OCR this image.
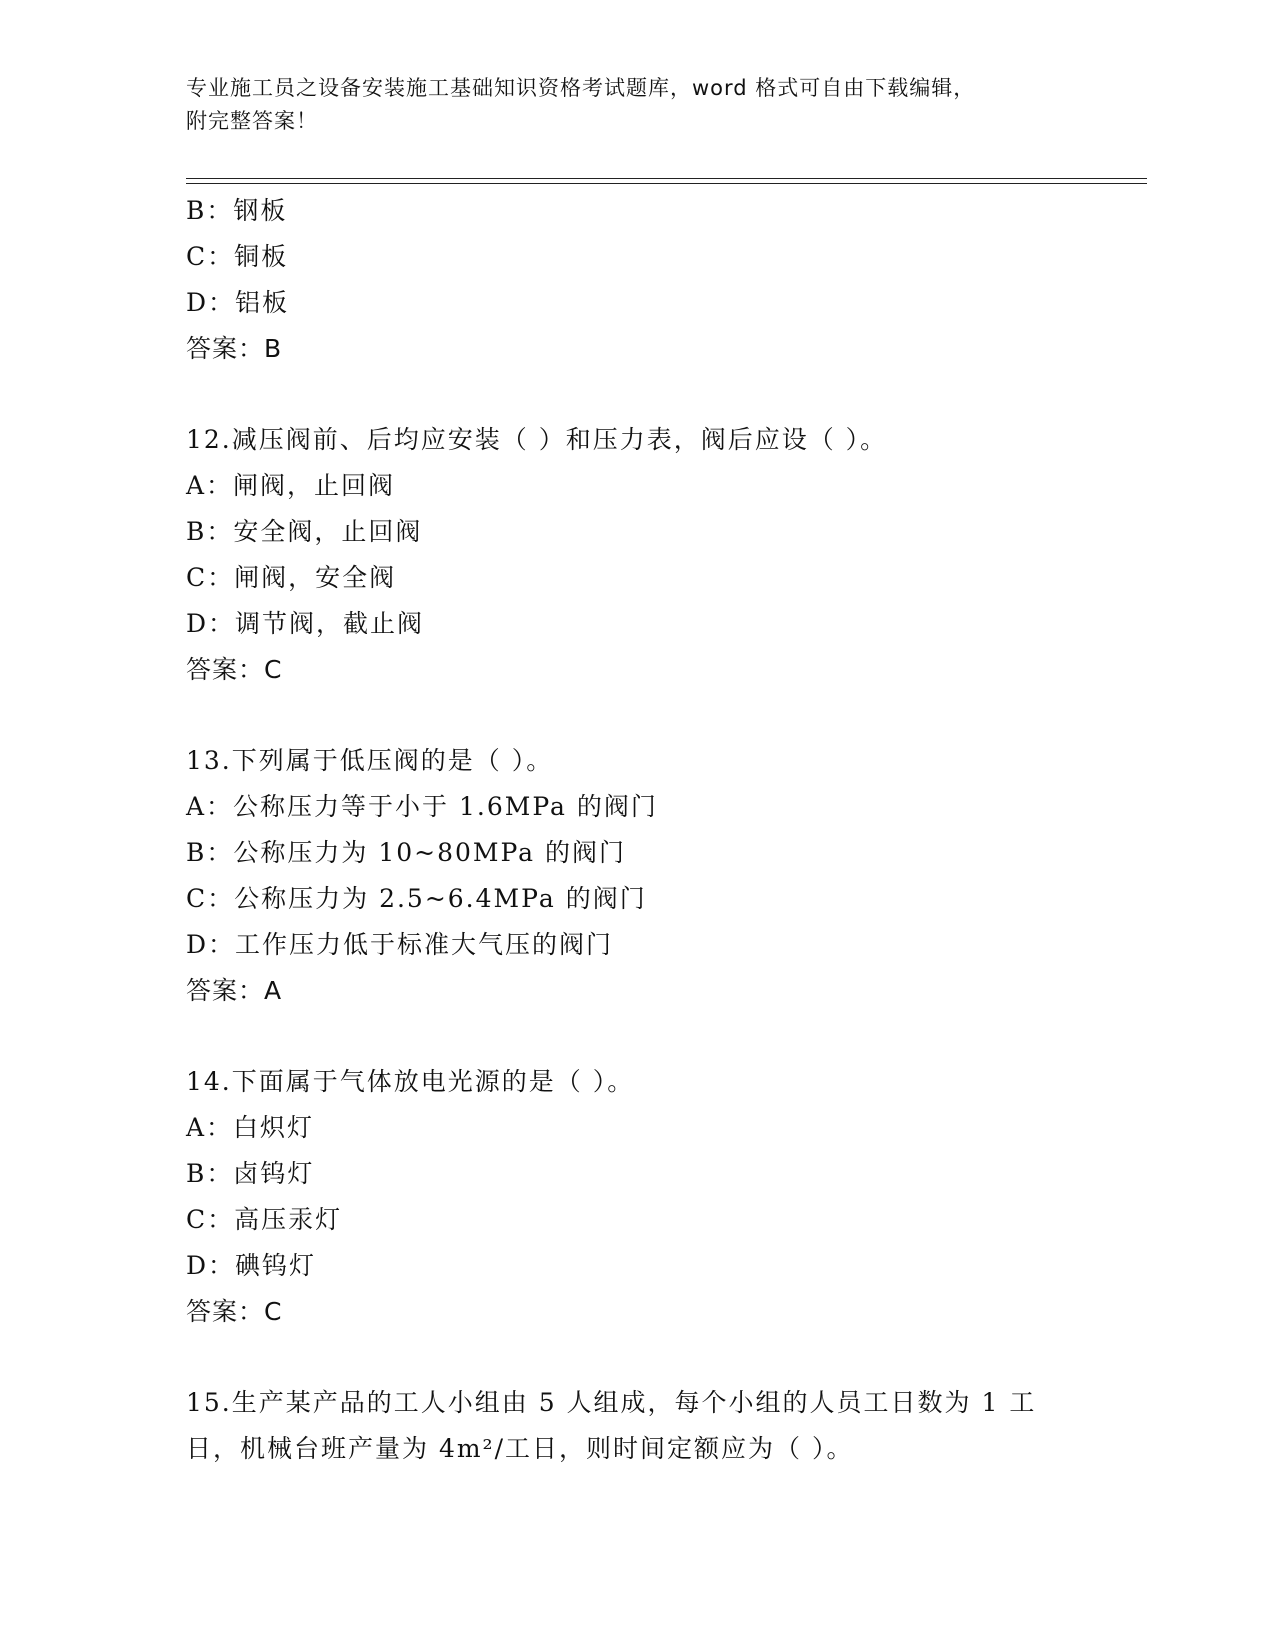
专业施工员之设备安装施工基础知识资格考试题库，word 格式可自由下载编辑，
附完整答案！
B：钢板
C：铜板
D：铝板
答案：B
12.减压阀前、后均应安装（ ）和压力表，阀后应设（ ）。
A：闸阀，止回阀
B：安全阀，止回阀
C：闸阀，安全阀
D：调节阀，截止阀
答案：C
13.下列属于低压阀的是（ ）。
A：公称压力等于小于 1.6MPa 的阀门
B：公称压力为 10~80MPa 的阀门
C：公称压力为 2.5~6.4MPa 的阀门
D：工作压力低于标准大气压的阀门
答案：A
14.下面属于气体放电光源的是（ ）。
A：白炽灯
B：卤钨灯
C：高压汞灯
D：碘钨灯
答案：C
15.生产某产品的工人小组由 5 人组成，每个小组的人员工日数为 1 工
日，机械台班产量为 4m²/工日，则时间定额应为（ ）。
